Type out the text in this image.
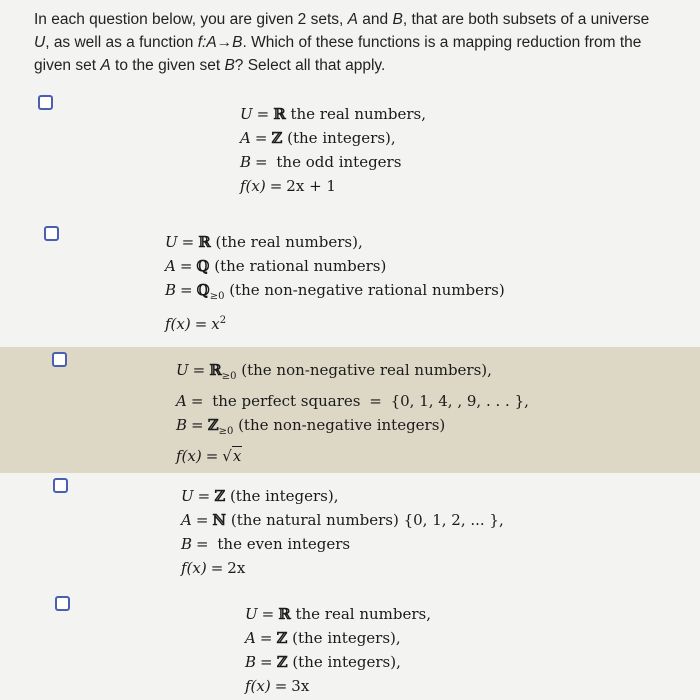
In each question below, you are given 2 sets, A and B, that are both subsets of a universe U, as well as a function f:A→B. Which of these functions is a mapping reduction from the given set A to the given set B? Select all that apply.
U = ℝ the real numbers,
A = ℤ (the integers),
B = the odd integers
f(x) = 2x + 1
U = ℝ (the real numbers),
A = ℚ (the rational numbers)
B = ℚ$_{\ge 0}$ (the non-negative rational numbers)
$f(x) = x^2$
U = ℝ$_{\ge 0}$ (the non-negative real numbers),
A = the perfect squares = {0, 1, 4, , 9, . . . },
B = ℤ$_{\ge 0}$ (the non-negative integers)
f(x) = √x
U = ℤ (the integers),
A = ℕ (the natural numbers) {0, 1, 2, ... },
B = the even integers
f(x) = 2x
U = ℝ the real numbers,
A = ℤ (the integers),
B = ℤ (the integers),
f(x) = 3x
